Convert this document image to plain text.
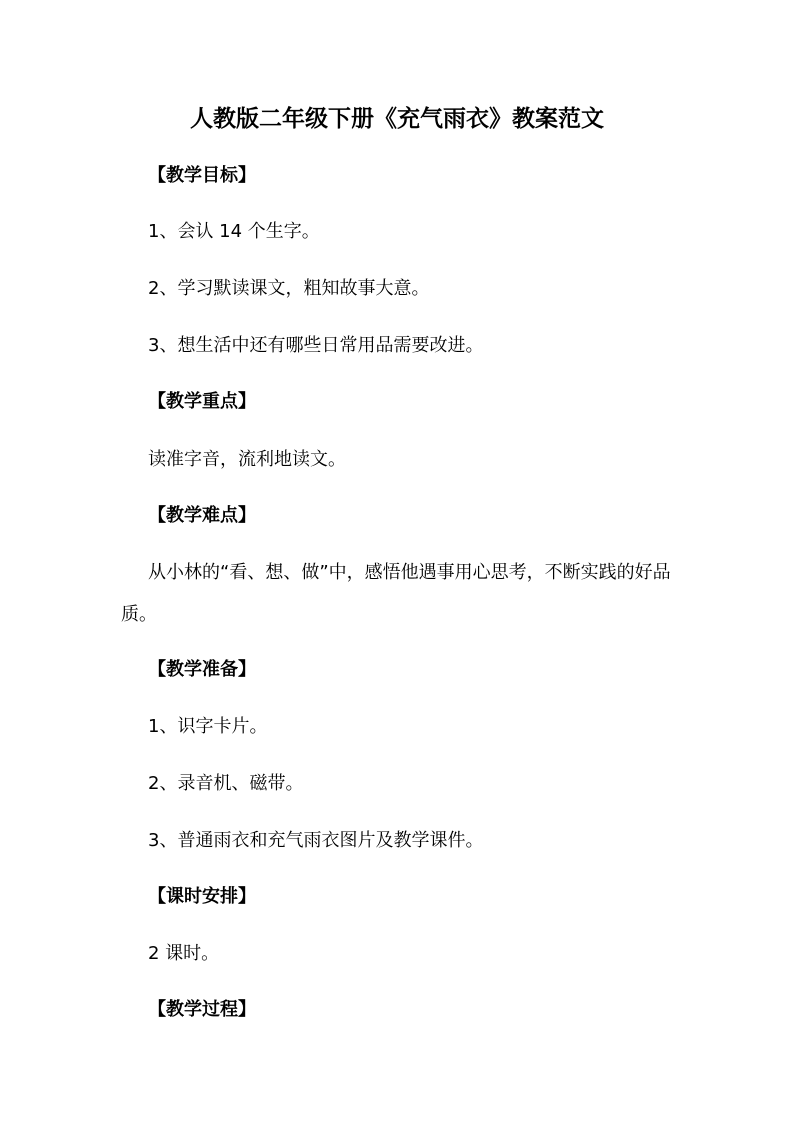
人教版二年级下册《充气雨衣》教案范文
【教学目标】
1、会认 14 个生字。
2、学习默读课文，粗知故事大意。
3、想生活中还有哪些日常用品需要改进。
【教学重点】
读准字音，流利地读文。
【教学难点】
从小林的“看、想、做”中，感悟他遇事用心思考，不断实践的好品质。
【教学准备】
1、识字卡片。
2、录音机、磁带。
3、普通雨衣和充气雨衣图片及教学课件。
【课时安排】
2 课时。
【教学过程】
